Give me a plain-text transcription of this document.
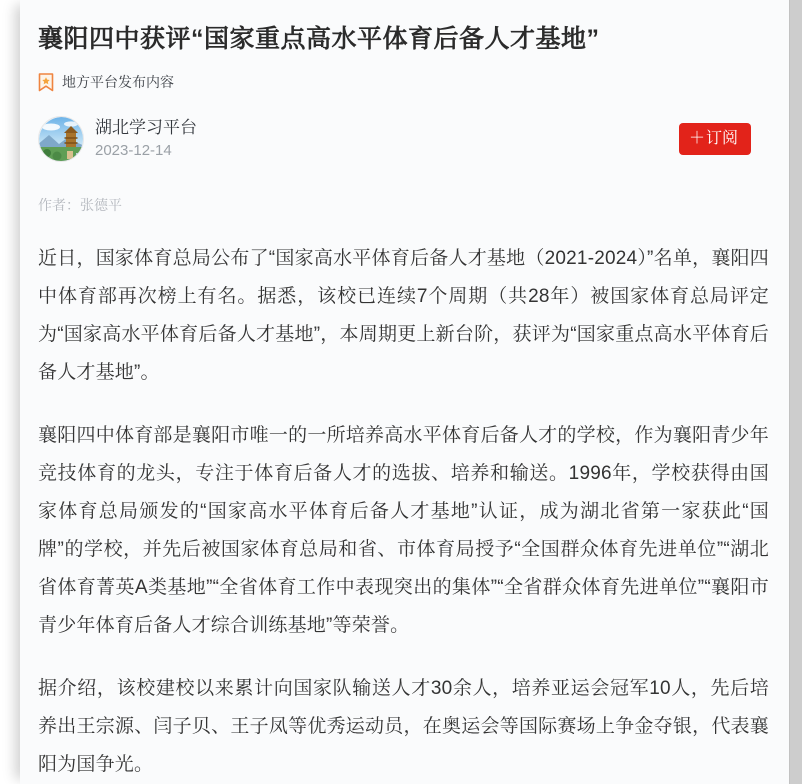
襄阳四中获评“国家重点高水平体育后备人才基地”
地方平台发布内容
湖北学习平台
2023-12-14
＋ 订阅
作者：张德平

近日，国家体育总局公布了“国家高水平体育后备人才基地（2021-2024）”名单，襄阳四中体育部再次榜上有名。据悉，该校已连续7个周期（共28年）被国家体育总局评定为“国家高水平体育后备人才基地”，本周期更上新台阶，获评为“国家重点高水平体育后备人才基地”。

襄阳四中体育部是襄阳市唯一的一所培养高水平体育后备人才的学校，作为襄阳青少年竞技体育的龙头，专注于体育后备人才的选拔、培养和输送。1996年，学校获得由国家体育总局颁发的“国家高水平体育后备人才基地”认证，成为湖北省第一家获此“国牌”的学校，并先后被国家体育总局和省、市体育局授予“全国群众体育先进单位”“湖北省体育菁英A类基地”“全省体育工作中表现突出的集体”“全省群众体育先进单位”“襄阳市青少年体育后备人才综合训练基地”等荣誉。

据介绍，该校建校以来累计向国家队输送人才30余人，培养亚运会冠军10人，先后培养出王宗源、闫子贝、王子凤等优秀运动员，在奥运会等国际赛场上争金夺银，代表襄阳为国争光。
